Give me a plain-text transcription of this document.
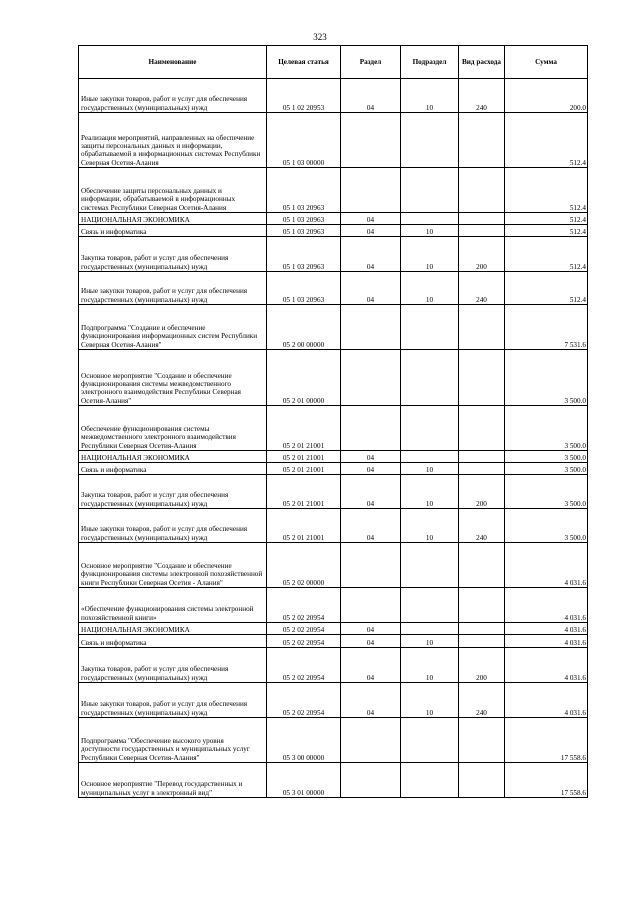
323
Наименование	Целевая статья	Раздел	Подраздел	Вид расхода	Сумма
Иные закупки товаров, работ и услуг для обеспечения государственных (муниципальных) нужд	05 1 02 20953	04	10	240	200.0
Реализация мероприятий, направленных на обеспечение защиты персональных данных и информации, обрабатываемой в информационных системах Республики Северная Осетия-Алания	05 1 03 00000				512.4
Обеспечение защиты персональных данных и информации, обрабатываемой в информационных системах Республики Северная Осетия-Алания	05 1 03 20963				512.4
НАЦИОНАЛЬНАЯ ЭКОНОМИКА	05 1 03 20963	04			512.4
Связь и информатика	05 1 03 20963	04	10		512.4
Закупка товаров, работ и услуг для обеспечения государственных (муниципальных) нужд	05 1 03 20963	04	10	200	512.4
Иные закупки товаров, работ и услуг для обеспечения государственных (муниципальных) нужд	05 1 03 20963	04	10	240	512.4
Подпрограмма "Создание и обеспечение функционирования информационных систем Республики Северная Осетия-Алания"	05 2 00 00000				7 531.6
Основное мероприятие "Создание и обеспечение функционирования системы межведомственного электронного взаимодействия Республики Северная Осетия-Алания"	05 2 01 00000				3 500.0
Обеспечение функционирования системы межведомственного электронного взаимодействия Республики Северная Осетия-Алания	05 2 01 21001				3 500.0
НАЦИОНАЛЬНАЯ ЭКОНОМИКА	05 2 01 21001	04			3 500.0
Связь и информатика	05 2 01 21001	04	10		3 500.0
Закупка товаров, работ и услуг для обеспечения государственных (муниципальных) нужд	05 2 01 21001	04	10	200	3 500.0
Иные закупки товаров, работ и услуг для обеспечения государственных (муниципальных) нужд	05 2 01 21001	04	10	240	3 500.0
Основное мероприятие "Создание и обеспечение функционирования системы электронной похозяйственной книги Республики Северная Осетия - Алания"	05 2 02 00000				4 031.6
«Обеспечение функционирования системы электронной похозяйственной книги»	05 2 02 20954				4 031.6
НАЦИОНАЛЬНАЯ ЭКОНОМИКА	05 2 02 20954	04			4 031.6
Связь и информатика	05 2 02 20954	04	10		4 031.6
Закупка товаров, работ и услуг для обеспечения государственных (муниципальных) нужд	05 2 02 20954	04	10	200	4 031.6
Иные закупки товаров, работ и услуг для обеспечения государственных (муниципальных) нужд	05 2 02 20954	04	10	240	4 031.6
Подпрограмма "Обеспечение высокого уровня доступности государственных и муниципальных услуг Республики Северная Осетия-Алания"	05 3 00 00000				17 558.6
Основное мероприятие "Перевод государственных и муниципальных услуг в электронный вид"	05 3 01 00000				17 558.6
